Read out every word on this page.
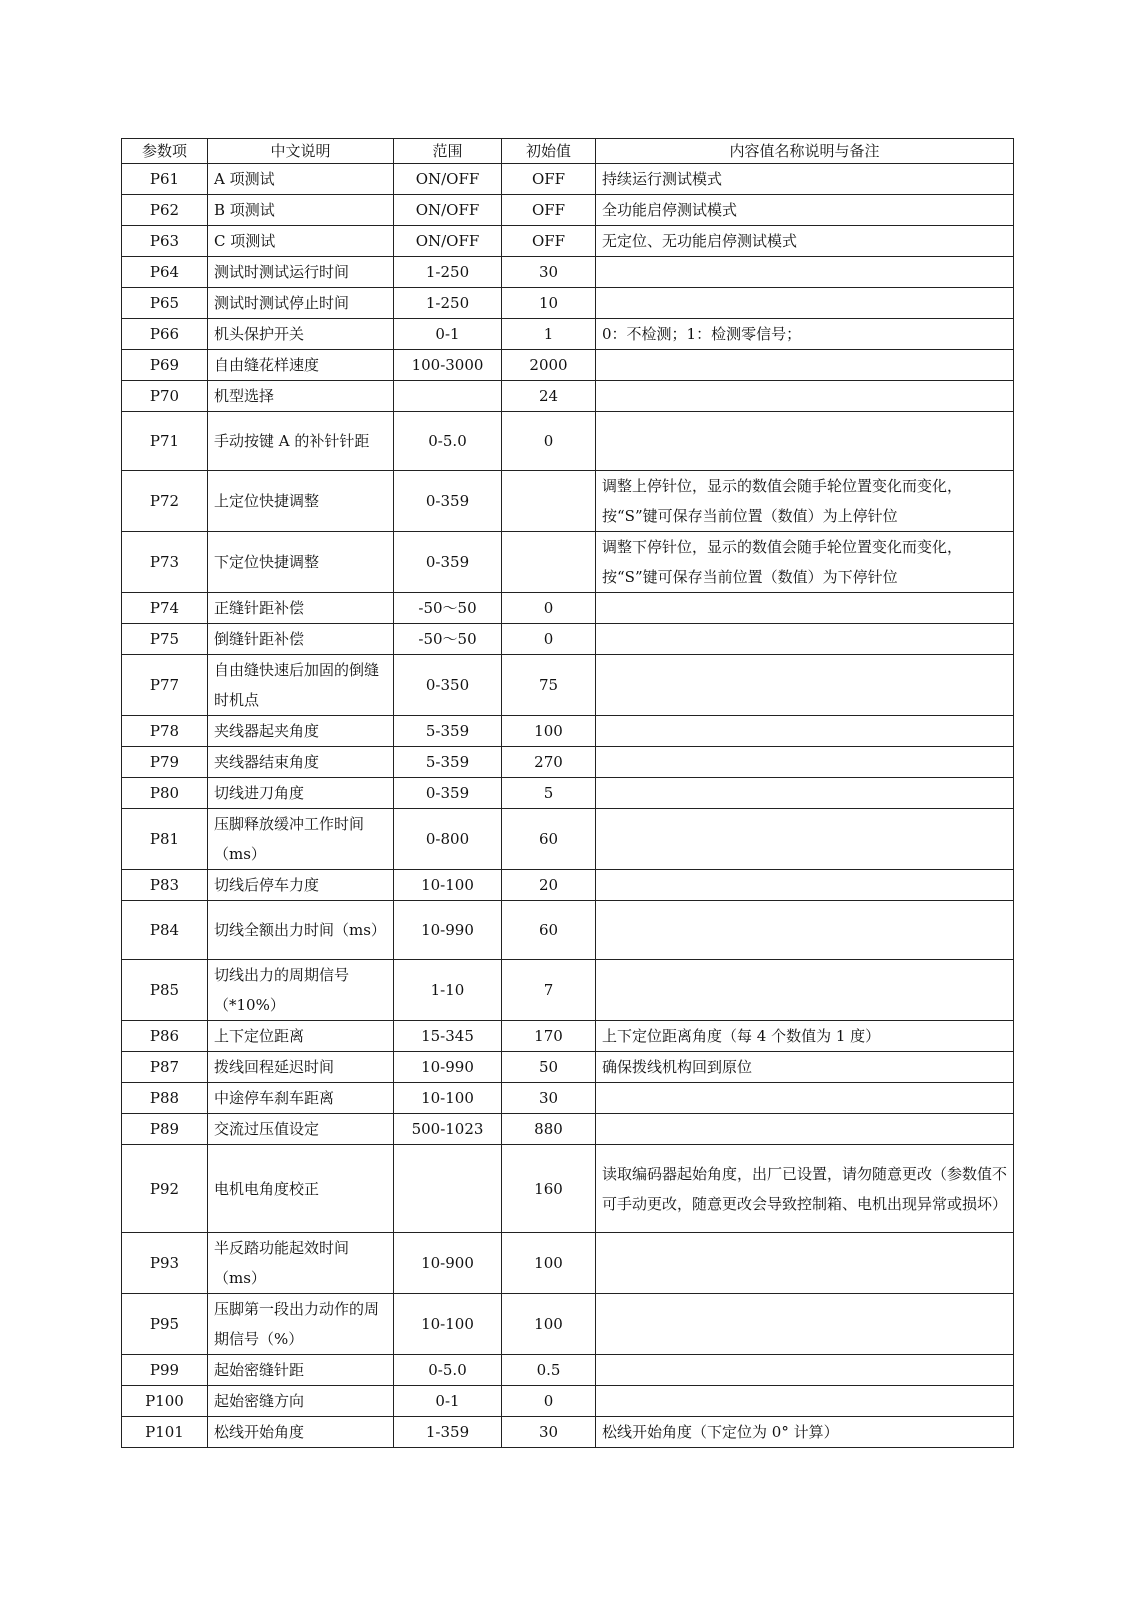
参数项	中文说明	范围	初始值	内容值名称说明与备注
P61	A 项测试	ON/OFF	OFF	持续运行测试模式
P62	B 项测试	ON/OFF	OFF	全功能启停测试模式
P63	C 项测试	ON/OFF	OFF	无定位、无功能启停测试模式
P64	测试时测试运行时间	1-250	30	
P65	测试时测试停止时间	1-250	10	
P66	机头保护开关	0-1	1	0：不检测；1：检测零信号；
P69	自由缝花样速度	100-3000	2000	
P70	机型选择		24	
P71	手动按键 A 的补针针距	0-5.0	0	
P72	上定位快捷调整	0-359		调整上停针位，显示的数值会随手轮位置变化而变化，按“S”键可保存当前位置（数值）为上停针位
P73	下定位快捷调整	0-359		调整下停针位，显示的数值会随手轮位置变化而变化，按“S”键可保存当前位置（数值）为下停针位
P74	正缝针距补偿	-50～50	0	
P75	倒缝针距补偿	-50～50	0	
P77	自由缝快速后加固的倒缝时机点	0-350	75	
P78	夹线器起夹角度	5-359	100	
P79	夹线器结束角度	5-359	270	
P80	切线进刀角度	0-359	5	
P81	压脚释放缓冲工作时间（ms）	0-800	60	
P83	切线后停车力度	10-100	20	
P84	切线全额出力时间（ms）	10-990	60	
P85	切线出力的周期信号（*10%）	1-10	7	
P86	上下定位距离	15-345	170	上下定位距离角度（每 4 个数值为 1 度）
P87	拨线回程延迟时间	10-990	50	确保拨线机构回到原位
P88	中途停车刹车距离	10-100	30	
P89	交流过压值设定	500-1023	880	
P92	电机电角度校正		160	读取编码器起始角度，出厂已设置，请勿随意更改（参数值不可手动更改，随意更改会导致控制箱、电机出现异常或损坏）
P93	半反踏功能起效时间（ms）	10-900	100	
P95	压脚第一段出力动作的周期信号（%）	10-100	100	
P99	起始密缝针距	0-5.0	0.5	
P100	起始密缝方向	0-1	0	
P101	松线开始角度	1-359	30	松线开始角度（下定位为 0° 计算）
